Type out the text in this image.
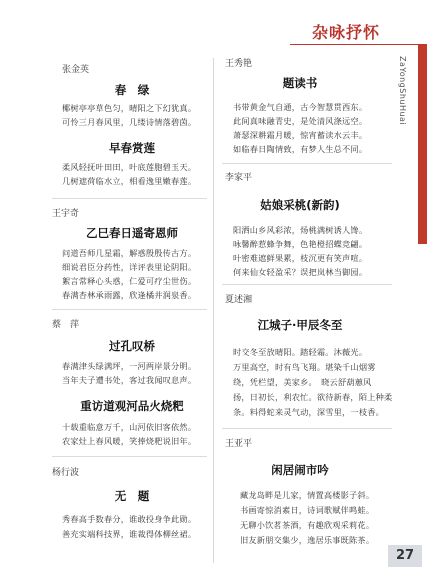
杂咏抒怀
ZaYongShuHuai
张金英
春　绿
椰树亭亭草色匀，晴阳之下幻犹真。
可怜三月春风里，几缕诗情落碧茵。
早春赏莲
柔风轻抚叶田田，叶底莲胞碧玉天。
几树遮荷临水立，相看逸里嫩春莲。
王宇奇
乙巳春日遥寄恩师
问道吾师几星霜，解惑殷殷传古方。
细说君臣分药性，详评表里论阴阳。
絮言常释心头惑，仁爱可疗尘世伤。
春满杏林承雨露，欣逢橘井润泉香。
蔡　萍
过孔叹桥
春满津头绿满坪，一河两岸景分明。
当年夫子遭书处，客过我闻叹息声。
重访道观河品火烧粑
十载重临意万千，山河依旧客依然。
农家灶上春风暖，笑捧烧粑说旧年。
杨行波
无　题
秀春高手数春分，谁敢投身争此勋。
善充实端科技界，谁裁得体柳丝裙。
王秀艳
题读书
书带黄金气自通，古今智慧贯西东。
此间真味融青史，是处清风涤远空。
萧瑟深耕霜月暖，惊宵蓄读水云丰。
如临春日陶情致，有梦人生总不同。
李家平
姑娘采桃(新韵)
阳洒山乡风彩浓，炀桃满树诱人馋。
咏馨醉惹蜂争舞，色艳橙招蝶竞翩。
叶密难遮鲜果累，枝沉更有笑声喧。
何来仙女轻盈采？误把岚林当御园。
夏述湘
江城子·甲辰冬至
时交冬至放晴阳。踏轻霜。沐薇光。
万里高空，时有鸟飞翔。堪染千山烟雾
绕，凭栏望，美家乡。　晓云舒葫蕙风
扬，日初长，利农忙。欲待新春，陌上种柔
条。料得蛇来灵气动，深雪里，一枝香。
王亚平
闲居闹市吟
藏龙岛畔是儿家，情置高楼影子斜。
书画寄惊消素日，诗词歌赋伴鸣蛙。
无聊小饮茗茶酒，有趣欣观采莉花。
旧友新朋交集少，逸居乐事既陈茶。
27
